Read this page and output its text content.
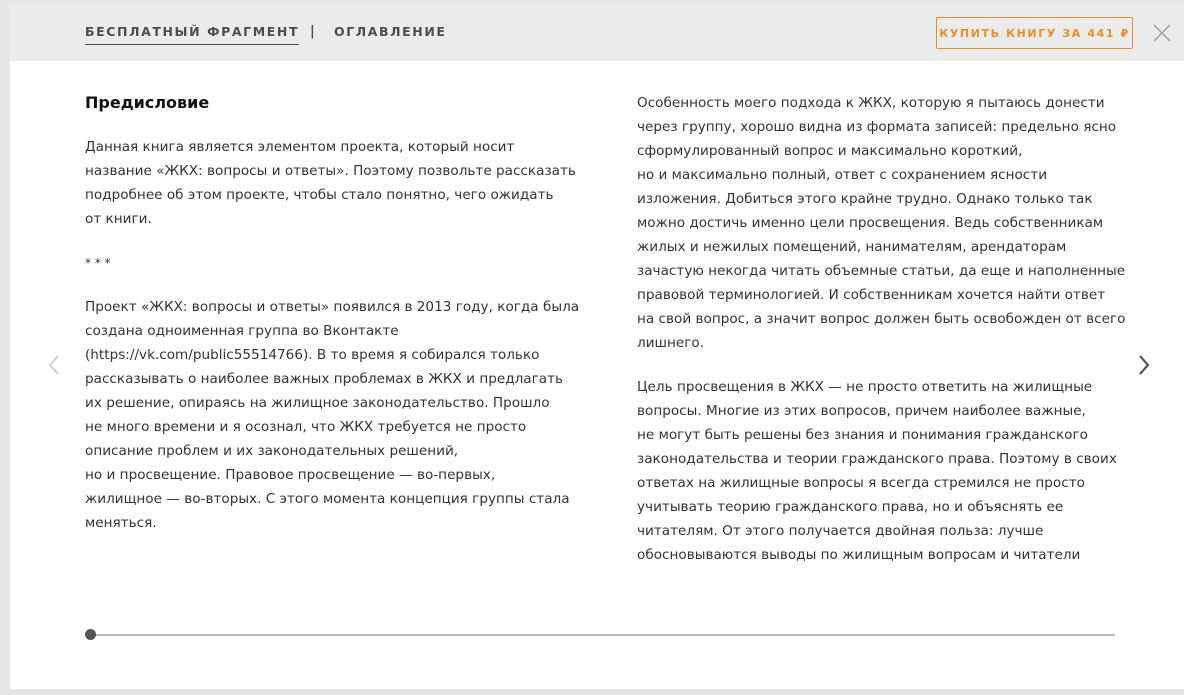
БЕСПЛАТНЫЙ ФРАГМЕНТ | ОГЛАВЛЕНИЕ	КУПИТЬ КНИГУ ЗА 441 ₽
Предисловие
Данная книга является элементом проекта, который носит
название «ЖКХ: вопросы и ответы». Поэтому позвольте рассказать
подробнее об этом проекте, чтобы стало понятно, чего ожидать
от книги.
* * *
Проект «ЖКХ: вопросы и ответы» появился в 2013 году, когда была
создана одноименная группа во Вконтакте
(https://vk.com/public55514766). В то время я собирался только
рассказывать о наиболее важных проблемах в ЖКХ и предлагать
их решение, опираясь на жилищное законодательство. Прошло
не много времени и я осознал, что ЖКХ требуется не просто
описание проблем и их законодательных решений,
но и просвещение. Правовое просвещение — во-первых,
жилищное — во-вторых. С этого момента концепция группы стала
меняться.
Особенность моего подхода к ЖКХ, которую я пытаюсь донести
через группу, хорошо видна из формата записей: предельно ясно
сформулированный вопрос и максимально короткий,
но и максимально полный, ответ с сохранением ясности
изложения. Добиться этого крайне трудно. Однако только так
можно достичь именно цели просвещения. Ведь собственникам
жилых и нежилых помещений, нанимателям, арендаторам
зачастую некогда читать объемные статьи, да еще и наполненные
правовой терминологией. И собственникам хочется найти ответ
на свой вопрос, а значит вопрос должен быть освобожден от всего
лишнего.
Цель просвещения в ЖКХ — не просто ответить на жилищные
вопросы. Многие из этих вопросов, причем наиболее важные,
не могут быть решены без знания и понимания гражданского
законодательства и теории гражданского права. Поэтому в своих
ответах на жилищные вопросы я всегда стремился не просто
учитывать теорию гражданского права, но и объяснять ее
читателям. От этого получается двойная польза: лучше
обосновываются выводы по жилищным вопросам и читатели
